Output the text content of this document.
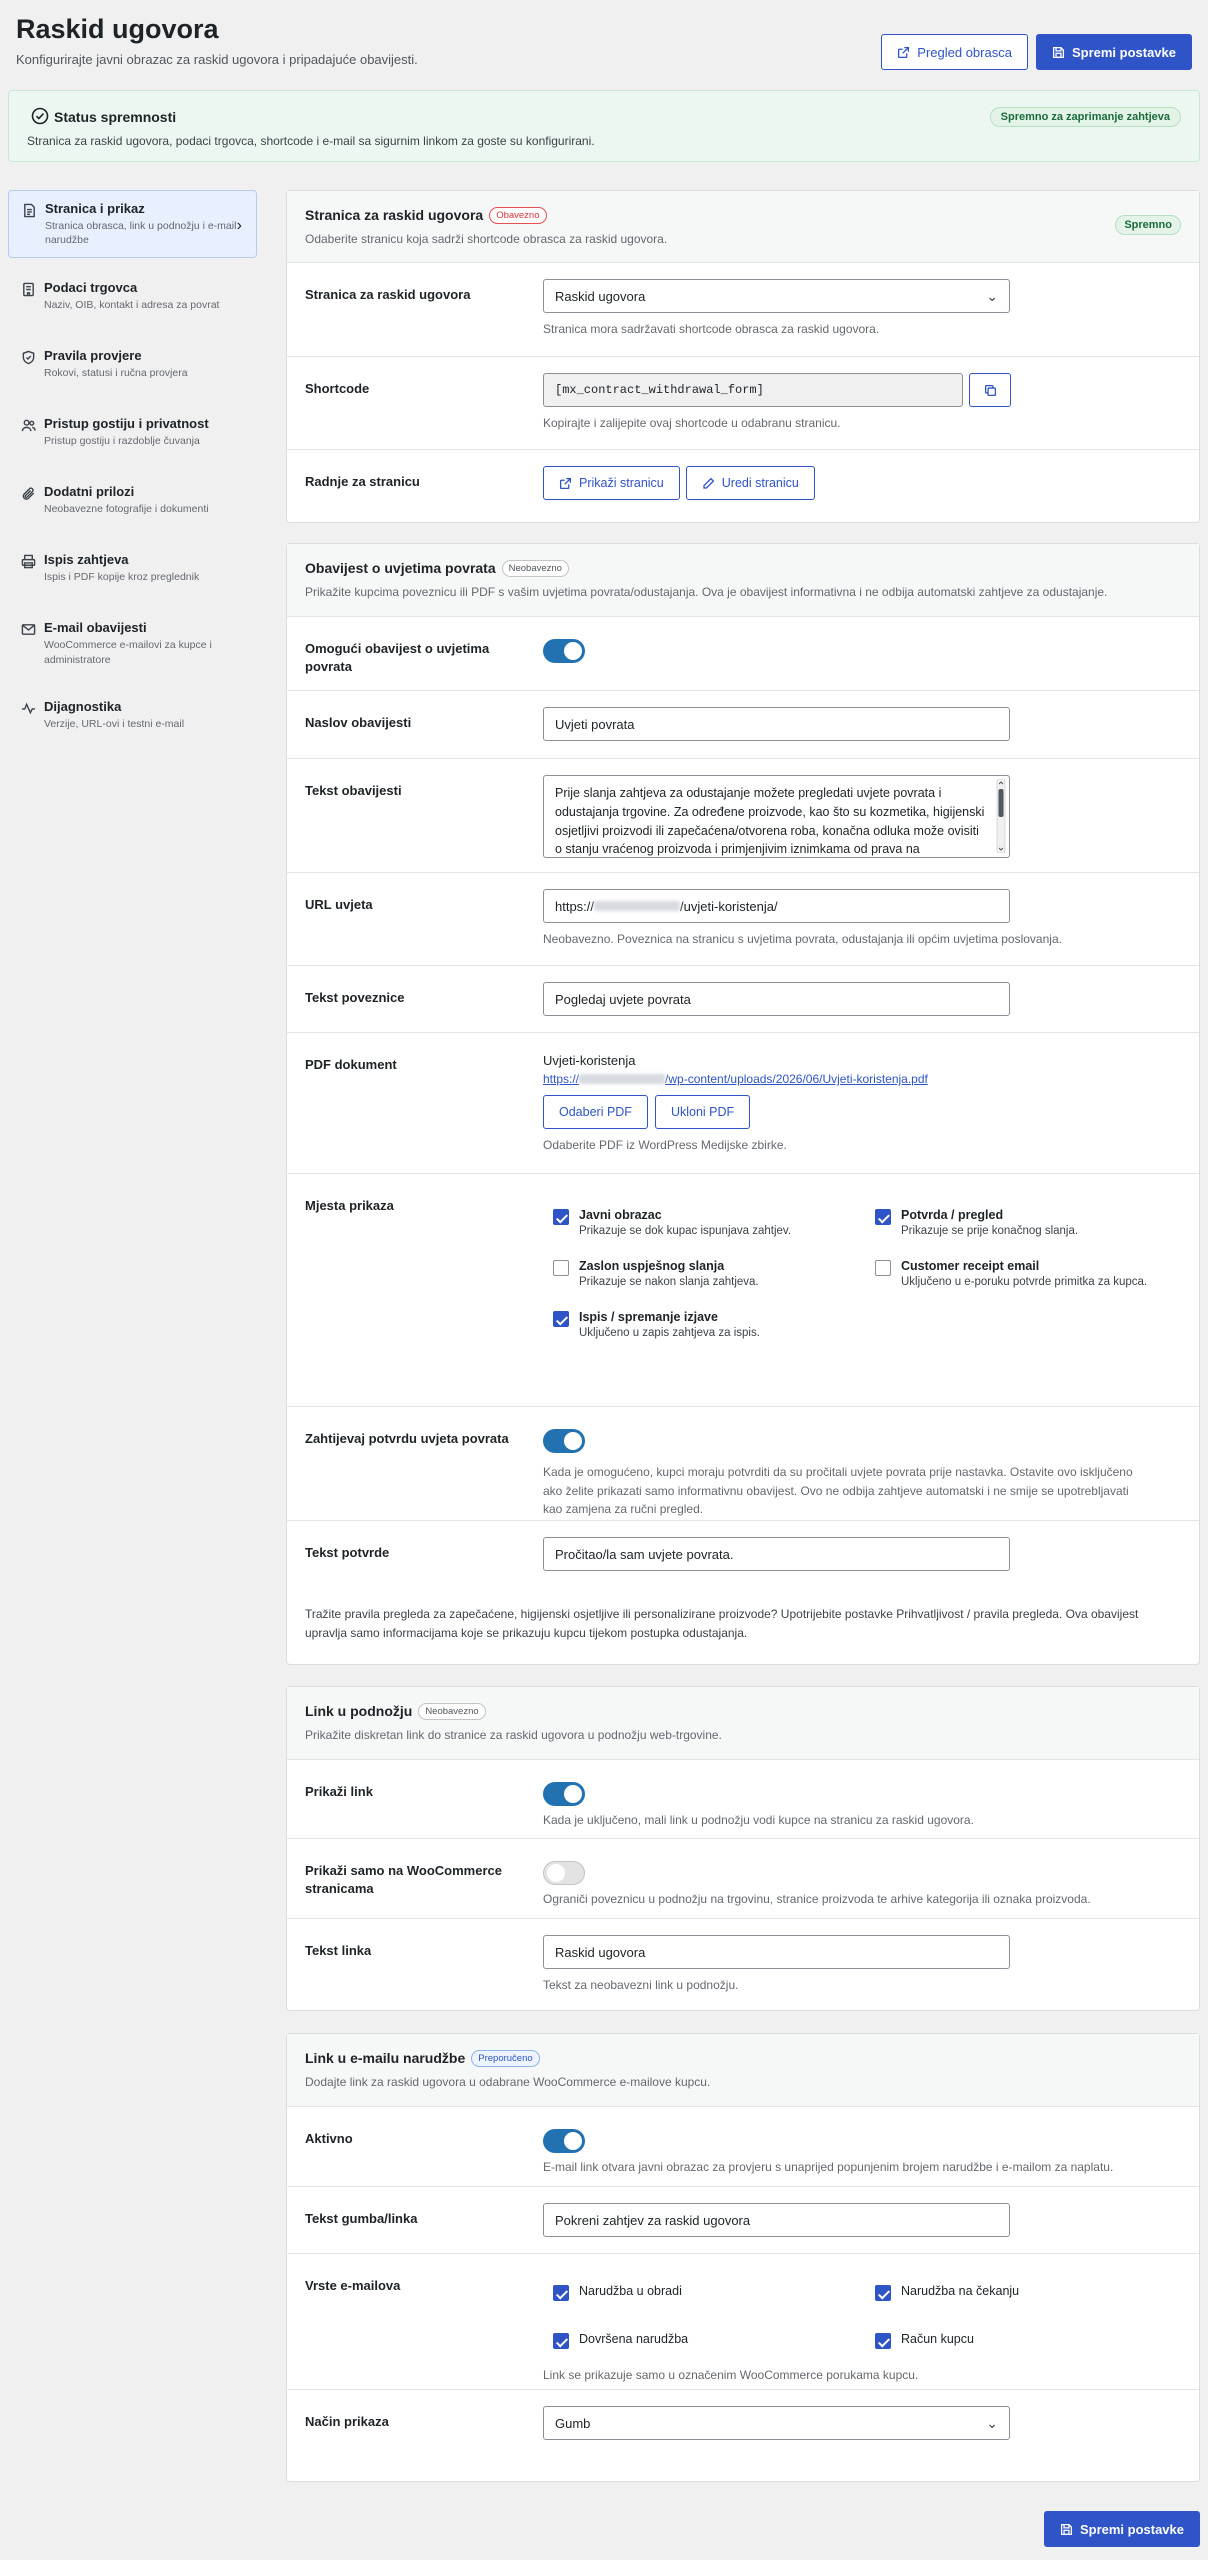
Raskid ugovora

Konfigurirajte javni obrazac za raskid ugovora i pripadajuće obavijesti.	Pregled obrasca	Spremi postavke
Status spremnosti
Stranica za raskid ugovora, podaci trgovca, shortcode i e-mail sa sigurnim linkom za goste su konfigurirani.
Spremno za zaprimanje zahtjeva
Stranica i prikaz
Stranica obrasca, link u podnožju i e-mail narudžbe
›
Podaci trgovca
Naziv, OIB, kontakt i adresa za povrat
Pravila provjere
Rokovi, statusi i ručna provjera
Pristup gostiju i privatnost
Pristup gostiju i razdoblje čuvanja
Dodatni prilozi
Neobavezne fotografije i dokumenti
Ispis zahtjeva
Ispis i PDF kopije kroz preglednik
E-mail obavijesti
WooCommerce e-mailovi za kupce i administratore
Dijagnostika
Verzije, URL-ovi i testni e-mail
Stranica za raskid ugovora Obavezno
Spremno
Odaberite stranicu koja sadrži shortcode obrasca za raskid ugovora.
Stranica za raskid ugovora	Raskid ugovora	⌄
Stranica mora sadržavati shortcode obrasca za raskid ugovora.
Shortcode	[mx_contract_withdrawal_form]
Kopirajte i zalijepite ovaj shortcode u odabranu stranicu.
Radnje za stranicu	Prikaži stranicu	Uredi stranicu
Obavijest o uvjetima povrata Neobavezno
Prikažite kupcima poveznicu ili PDF s vašim uvjetima povrata/odustajanja. Ova je obavijest informativna i ne odbija automatski zahtjeve za odustajanje.
Omogući obavijest o uvjetima povrata
Naslov obavijesti	Uvjeti povrata
Tekst obavijesti	Prije slanja zahtjeva za odustajanje možete pregledati uvjete povrata i odustajanja trgovine. Za određene proizvode, kao što su kozmetika, higijenski osjetljivi proizvodi ili zapečaćena/otvorena roba, konačna odluka može ovisiti o stanju vraćenog proizvoda i primjenjivim iznimkama od prava na
URL uvjeta	https://	/uvjeti-koristenja/
Neobavezno. Poveznica na stranicu s uvjetima povrata, odustajanja ili općim uvjetima poslovanja.
Tekst poveznice	Pogledaj uvjete povrata
PDF dokument	Uvjeti-koristenja
https://	/wp-content/uploads/2026/06/Uvjeti-koristenja.pdf
Odaberi PDF	Ukloni PDF
Odaberite PDF iz WordPress Medijske zbirke.
Mjesta prikaza
Javni obrazac
Prikazuje se dok kupac ispunjava zahtjev.
Potvrda / pregled
Prikazuje se prije konačnog slanja.
Zaslon uspješnog slanja
Prikazuje se nakon slanja zahtjeva.
Customer receipt email
Uključeno u e-poruku potvrde primitka za kupca.
Ispis / spremanje izjave
Uključeno u zapis zahtjeva za ispis.
Zahtijevaj potvrdu uvjeta povrata
Kada je omogućeno, kupci moraju potvrditi da su pročitali uvjete povrata prije nastavka. Ostavite ovo isključeno ako želite prikazati samo informativnu obavijest. Ovo ne odbija zahtjeve automatski i ne smije se upotrebljavati kao zamjena za ručni pregled.
Tekst potvrde	Pročitao/la sam uvjete povrata.
Tražite pravila pregleda za zapečaćene, higijenski osjetljive ili personalizirane proizvode? Upotrijebite postavke Prihvatljivost / pravila pregleda. Ova obavijest upravlja samo informacijama koje se prikazuju kupcu tijekom postupka odustajanja.
Link u podnožju Neobavezno
Prikažite diskretan link do stranice za raskid ugovora u podnožju web-trgovine.
Prikaži link
Kada je uključeno, mali link u podnožju vodi kupce na stranicu za raskid ugovora.
Prikaži samo na WooCommerce stranicama
Ograniči poveznicu u podnožju na trgovinu, stranice proizvoda te arhive kategorija ili oznaka proizvoda.
Tekst linka	Raskid ugovora
Tekst za neobavezni link u podnožju.
Link u e-mailu narudžbe Preporučeno
Dodajte link za raskid ugovora u odabrane WooCommerce e-mailove kupcu.
Aktivno
E-mail link otvara javni obrazac za provjeru s unaprijed popunjenim brojem narudžbe i e-mailom za naplatu.
Tekst gumba/linka	Pokreni zahtjev za raskid ugovora
Vrste e-mailova	Narudžba u obradi	Narudžba na čekanju
Dovršena narudžba	Račun kupcu
Link se prikazuje samo u označenim WooCommerce porukama kupcu.
Način prikaza	Gumb	⌄
Spremi postavke
